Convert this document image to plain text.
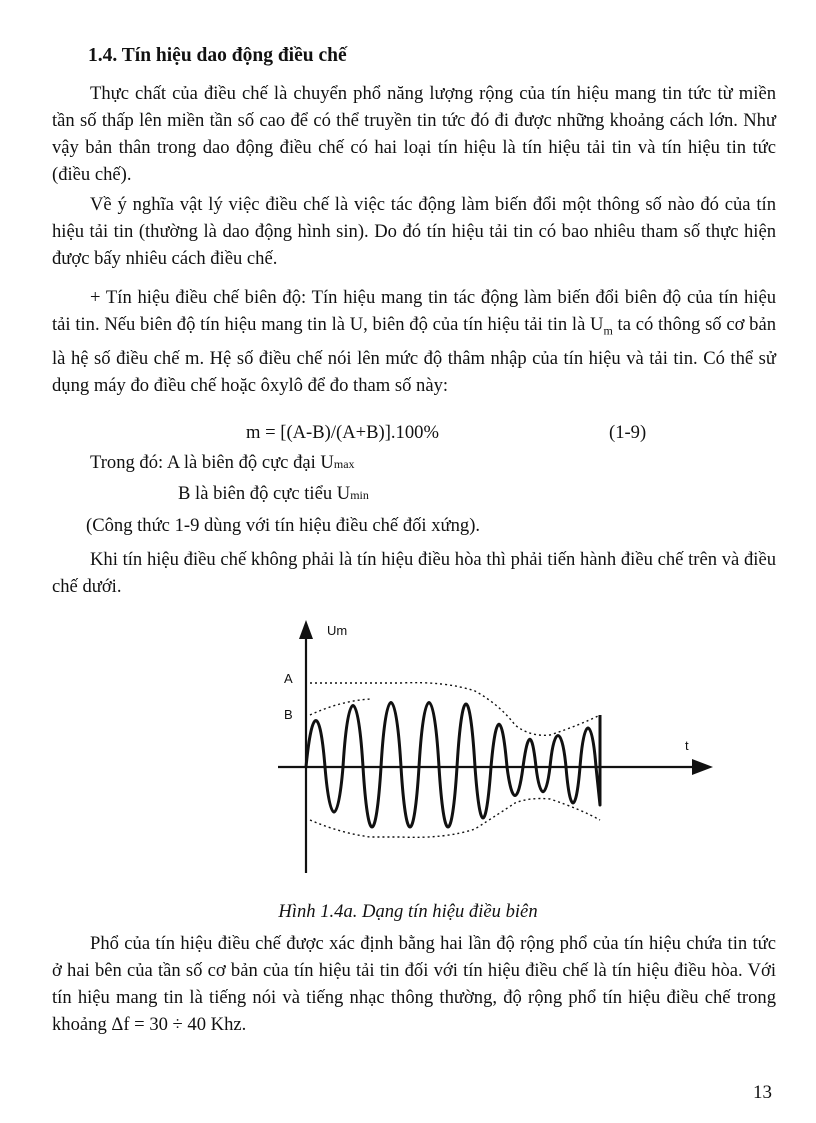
1.4. Tín hiệu dao động điều chế

Thực chất của điều chế là chuyển phổ năng lượng rộng của tín hiệu mang tin tức từ miền tần số thấp lên miền tần số cao để có thể truyền tin tức đó đi được những khoảng cách lớn. Như vậy bản thân trong dao động điều chế có hai loại tín hiệu là tín hiệu tải tin và tín hiệu tin tức (điều chế).

Về ý nghĩa vật lý việc điều chế là việc tác động làm biến đổi một thông số nào đó của tín hiệu tải tin (thường là dao động hình sin). Do đó tín hiệu tải tin có bao nhiêu tham số thực hiện được bấy nhiêu cách điều chế.

+ Tín hiệu điều chế biên độ: Tín hiệu mang tin tác động làm biến đổi biên độ của tín hiệu tải tin. Nếu biên độ tín hiệu mang tin là U, biên độ của tín hiệu tải tin là $U_m$ ta có thông số cơ bản là hệ số điều chế m. Hệ số điều chế nói lên mức độ thâm nhập của tín hiệu và tải tin. Có thể sử dụng máy đo điều chế hoặc ôxylô để đo tham số này:

m = [(A-B)/(A+B)].100%	(1-9)
Trong đó: A là biên độ cực đại Umax
B là biên độ cực tiểu Umin
(Công thức 1-9 dùng với tín hiệu điều chế đối xứng).

Khi tín hiệu điều chế không phải là tín hiệu điều hòa thì phải tiến hành điều chế trên và điều chế dưới.

Um
t
A
B
Hình 1.4a. Dạng tín hiệu điều biên

Phổ của tín hiệu điều chế được xác định bằng hai lần độ rộng phổ của tín hiệu chứa tin tức ở hai bên của tần số cơ bản của tín hiệu tải tin đối với tín hiệu điều chế là tín hiệu điều hòa. Với tín hiệu mang tin là tiếng nói và tiếng nhạc thông thường, độ rộng phổ tín hiệu điều chế trong khoảng Δf = 30 ÷ 40 Khz.

13
